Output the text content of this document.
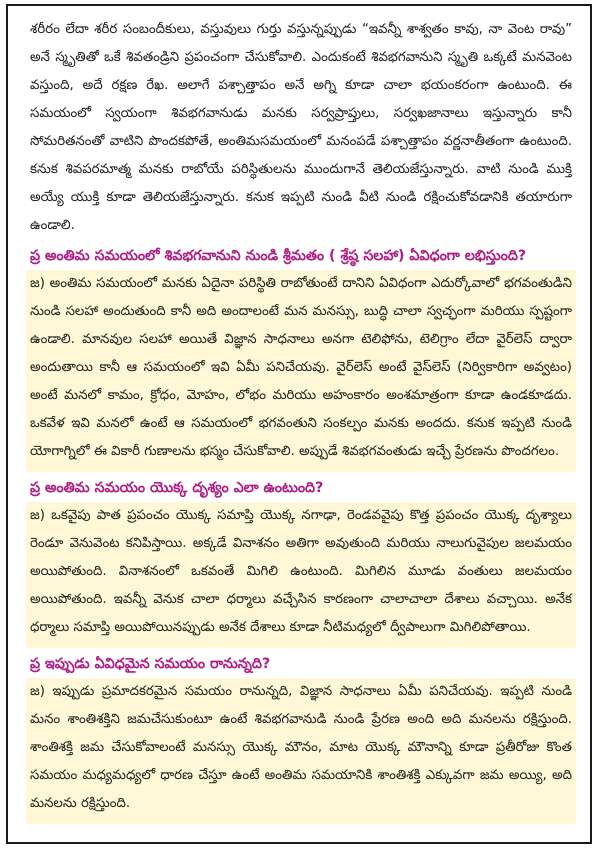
శరీరం లేదా శరీర సంబందీకులు, వస్తువులు గుర్తు వస్తున్నప్పుడు “ఇవన్నీ శాశ్వతం కావు, నా వెంట రావు” అనే స్మృతితో ఒకే శివతండ్రిని ప్రపంచంగా చేసుకోవాలి. ఎందుకంటే శివభగవానుని స్మృతి ఒక్కటే మనవెంట వస్తుంది, అదే రక్షణ రేఖ. అలాగే పశ్చాత్తాపం అనే అగ్ని కూడా చాలా భయంకరంగా ఉంటుంది. ఈ సమయంలో స్వయంగా శివభగవానుడు మనకు సర్వప్రాప్తులు, సర్వఖజానాలు ఇస్తున్నారు కానీ సోమరితనంతో వాటిని పొందకపోతే, అంతిమసమయంలో మనంపడే పశ్చాత్తాపం వర్ణనాతీతంగా ఉంటుంది. కనుక శివపరమాత్మ మనకు రాబోయే పరిస్థితులను ముందుగానే తెలియజేస్తున్నారు. వాటి నుండి ముక్తి అయ్యే యుక్తి కూడా తెలియజేస్తున్నారు. కనుక ఇప్పటి నుండి వీటి నుండి రక్షించుకోవడానికి తయారుగా ఉండాలి.

ప్ర అంతిమ సమయంలో శివభగవానుని నుండి శ్రీమతం ( శ్రేష్ఠ సలహా) ఏవిధంగా లభిస్తుంది?

జ) అంతిమ సమయంలో మనకు ఏదైనా పరిస్థితి రాబోతుంటే దానిని ఏవిధంగా ఎదుర్కోవాలో భగవంతుడిని నుండి సలహా అందుతుంది కానీ అది అందాలంటే మన మనస్సు, బుద్ధి చాలా స్వచ్ఛంగా మరియు స్పష్టంగా ఉండాలి. మానవుల సలహా అయితే విజ్ఞాన సాధనాలు అనగా టెలిఫోను, టెలిగ్రాం లేదా వైర్‌లెస్ ద్వారా అందుతాయి కానీ ఆ సమయంలో ఇవి ఏమీ పనిచేయవు. వైర్‌లెస్ అంటే వైస్‌లెస్ (నిర్వికారిగా అవ్వటం) అంటే మనలో కామం, క్రోధం, మోహం, లోభం మరియు అహంకారం అంశమాత్రంగా కూడా ఉండకూడదు. ఒకవేళ ఇవి మనలో ఉంటే ఆ సమయంలో భగవంతుని సంకల్పం మనకు అందదు. కనుక ఇప్పటి నుండి యోగాగ్నిలో ఈ వికారీ గుణాలను భస్మం చేసుకోవాలి. అప్పుడే శివభగవంతుడు ఇచ్చే ప్రేరణను పొందగలం.

ప్ర అంతిమ సమయం యొక్క దృశ్యం ఎలా ఉంటుంది?

జ) ఒకవైపు పాత ప్రపంచం యొక్క సమాప్తి యొక్క నగాఢా, రెండవవైపు కొత్త ప్రపంచం యొక్క దృశ్యాలు రెండూ వెనువెంట కనిపిస్తాయి. అక్కడే వినాశనం అతిగా అవుతుంది మరియు నాలుగువైపుల జలమయం అయిపోతుంది. వినాశనంలో ఒకవంతే మిగిలి ఉంటుంది. మిగిలిన మూడు వంతులు జలమయం అయిపోతుంది. ఇవన్నీ వెనుక చాలా ధర్మాలు వచ్చేసిన కారణంగా చాలాచాలా దేశాలు వచ్చాయి. అనేక ధర్మాలు సమాప్తి అయిపోయినప్పుడు అనేక దేశాలు కూడా నీటిమధ్యలో ద్వీపాలుగా మిగిలిపోతాయి.

ప్ర ఇప్పుడు ఏవిధమైన సమయం రానున్నది?

జ) ఇప్పుడు ప్రమాదకరమైన సమయం రానున్నది, విజ్ఞాన సాధనాలు ఏమీ పనిచేయవు. ఇప్పటి నుండి మనం శాంతిశక్తిని జమచేసుకుంటూ ఉంటే శివభగవానుడి నుండి ప్రేరణ అంది అది మనలను రక్షిస్తుంది. శాంతిశక్తి జమ చేసుకోవాలంటే మనస్సు యొక్క మౌనం, మాట యొక్క మౌనాన్ని కూడా ప్రతీరోజు కొంత సమయం మధ్యమధ్యలో ధారణ చేస్తూ ఉంటే అంతిమ సమయానికి శాంతిశక్తి ఎక్కువగా జమ అయ్యి, అది మనలను రక్షిస్తుంది.
